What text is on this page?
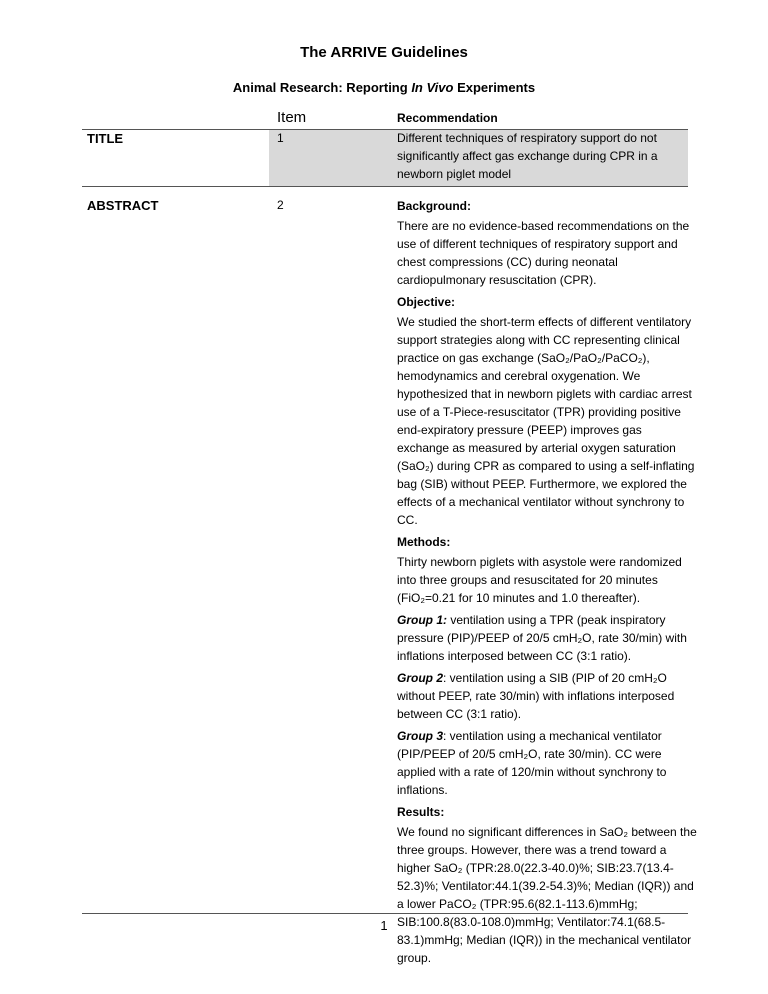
The ARRIVE Guidelines
Animal Research: Reporting In Vivo Experiments
Item	Recommendation
TITLE	1	Different techniques of respiratory support do not significantly affect gas exchange during CPR in a newborn piglet model

ABSTRACT	2	Background:

There are no evidence-based recommendations on the use of different techniques of respiratory support and chest compressions (CC) during neonatal cardiopulmonary resuscitation (CPR).

Objective:

We studied the short-term effects of different ventilatory support strategies along with CC representing clinical practice on gas exchange (SaO₂/PaO₂/PaCO₂), hemodynamics and cerebral oxygenation. We hypothesized that in newborn piglets with cardiac arrest use of a T-Piece-resuscitator (TPR) providing positive end-expiratory pressure (PEEP) improves gas exchange as measured by arterial oxygen saturation (SaO₂) during CPR as compared to using a self-inflating bag (SIB) without PEEP. Furthermore, we explored the effects of a mechanical ventilator without synchrony to CC.

Methods:

Thirty newborn piglets with asystole were randomized into three groups and resuscitated for 20 minutes (FiO₂=0.21 for 10 minutes and 1.0 thereafter).

Group 1: ventilation using a TPR (peak inspiratory pressure (PIP)/PEEP of 20/5 cmH₂O, rate 30/min) with inflations interposed between CC (3:1 ratio).

Group 2: ventilation using a SIB (PIP of 20 cmH₂O without PEEP, rate 30/min) with inflations interposed between CC (3:1 ratio).

Group 3: ventilation using a mechanical ventilator (PIP/PEEP of 20/5 cmH₂O, rate 30/min). CC were applied with a rate of 120/min without synchrony to inflations.

Results:

We found no significant differences in SaO₂ between the three groups. However, there was a trend toward a higher SaO₂ (TPR:28.0(22.3-40.0)%; SIB:23.7(13.4-52.3)%; Ventilator:44.1(39.2-54.3)%; Median (IQR)) and a lower PaCO₂ (TPR:95.6(82.1-113.6)mmHg; SIB:100.8(83.0-108.0)mmHg; Ventilator:74.1(68.5-83.1)mmHg; Median (IQR)) in the mechanical ventilator group.

1
